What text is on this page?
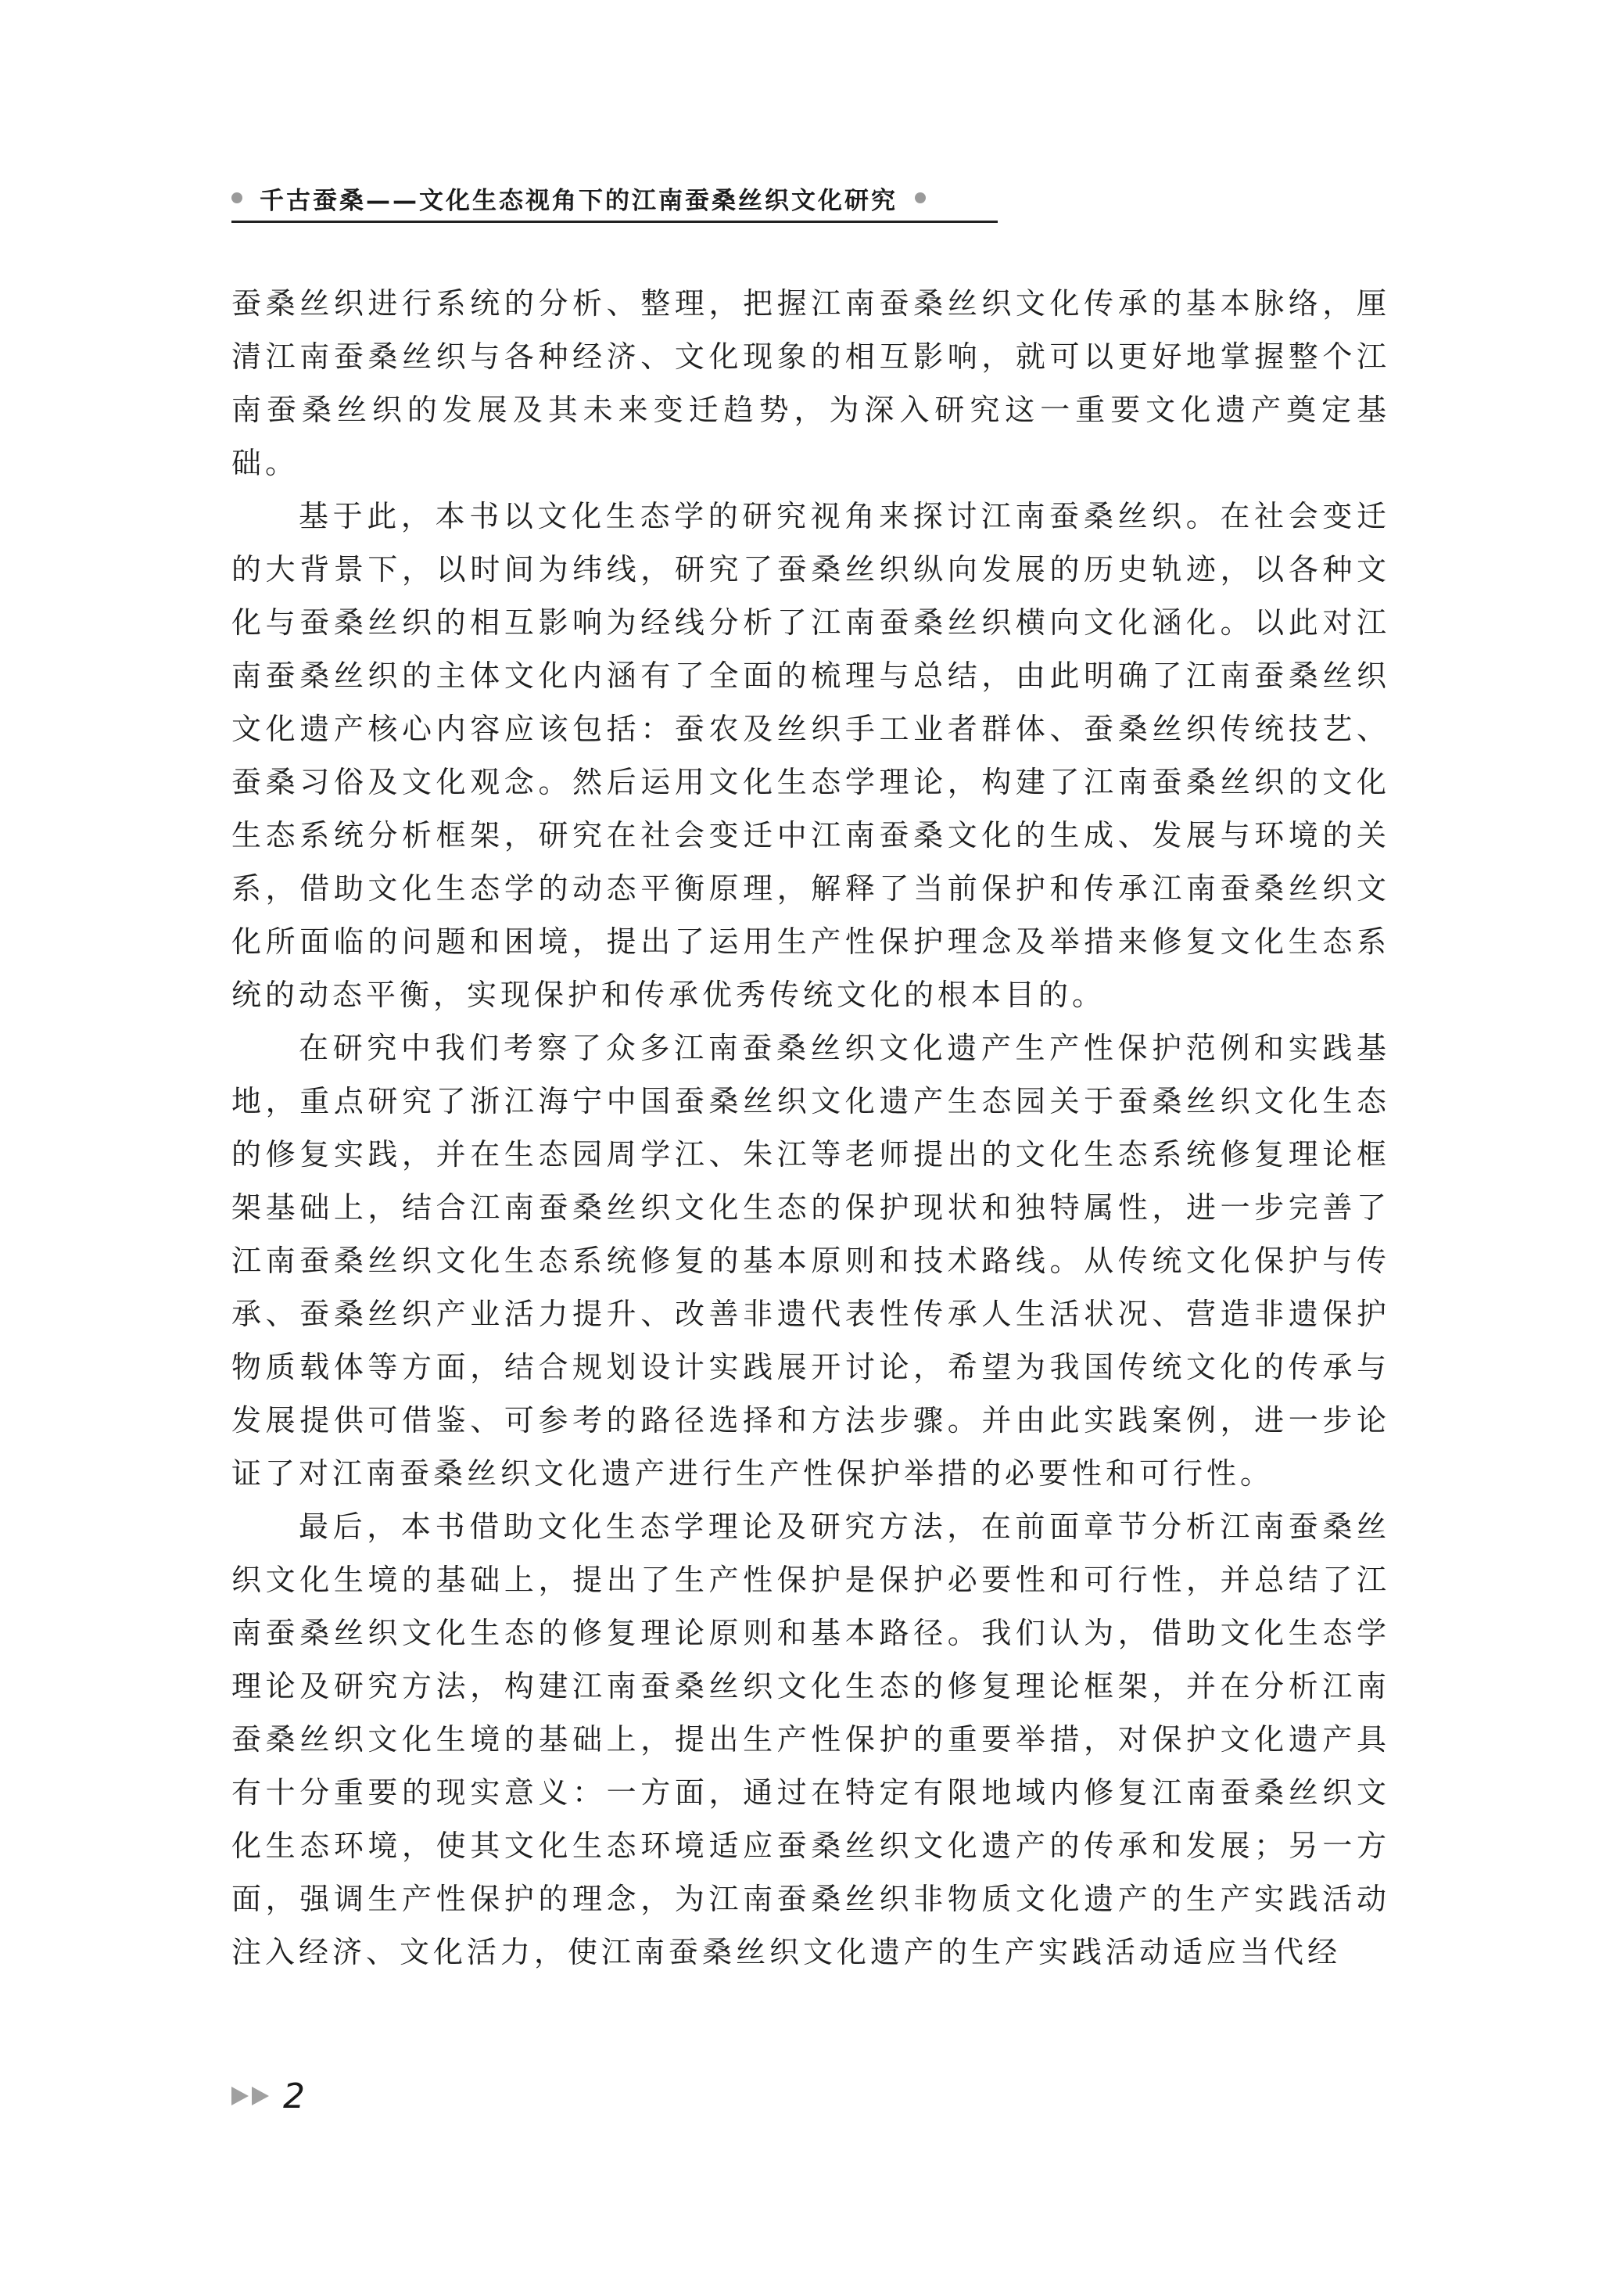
千古蚕桑——文化生态视角下的江南蚕桑丝织文化研究

蚕桑丝织进行系统的分析、整理，把握江南蚕桑丝织文化传承的基本脉络，厘清江南蚕桑丝织与各种经济、文化现象的相互影响，就可以更好地掌握整个江南蚕桑丝织的发展及其未来变迁趋势，为深入研究这一重要文化遗产奠定基础。

基于此，本书以文化生态学的研究视角来探讨江南蚕桑丝织。在社会变迁的大背景下，以时间为纬线，研究了蚕桑丝织纵向发展的历史轨迹，以各种文化与蚕桑丝织的相互影响为经线分析了江南蚕桑丝织横向文化涵化。以此对江南蚕桑丝织的主体文化内涵有了全面的梳理与总结，由此明确了江南蚕桑丝织文化遗产核心内容应该包括：蚕农及丝织手工业者群体、蚕桑丝织传统技艺、蚕桑习俗及文化观念。然后运用文化生态学理论，构建了江南蚕桑丝织的文化生态系统分析框架，研究在社会变迁中江南蚕桑文化的生成、发展与环境的关系，借助文化生态学的动态平衡原理，解释了当前保护和传承江南蚕桑丝织文化所面临的问题和困境，提出了运用生产性保护理念及举措来修复文化生态系统的动态平衡，实现保护和传承优秀传统文化的根本目的。

在研究中我们考察了众多江南蚕桑丝织文化遗产生产性保护范例和实践基地，重点研究了浙江海宁中国蚕桑丝织文化遗产生态园关于蚕桑丝织文化生态的修复实践，并在生态园周学江、朱江等老师提出的文化生态系统修复理论框架基础上，结合江南蚕桑丝织文化生态的保护现状和独特属性，进一步完善了江南蚕桑丝织文化生态系统修复的基本原则和技术路线。从传统文化保护与传承、蚕桑丝织产业活力提升、改善非遗代表性传承人生活状况、营造非遗保护物质载体等方面，结合规划设计实践展开讨论，希望为我国传统文化的传承与发展提供可借鉴、可参考的路径选择和方法步骤。并由此实践案例，进一步论证了对江南蚕桑丝织文化遗产进行生产性保护举措的必要性和可行性。

最后，本书借助文化生态学理论及研究方法，在前面章节分析江南蚕桑丝织文化生境的基础上，提出了生产性保护是保护必要性和可行性，并总结了江南蚕桑丝织文化生态的修复理论原则和基本路径。我们认为，借助文化生态学理论及研究方法，构建江南蚕桑丝织文化生态的修复理论框架，并在分析江南蚕桑丝织文化生境的基础上，提出生产性保护的重要举措，对保护文化遗产具有十分重要的现实意义：一方面，通过在特定有限地域内修复江南蚕桑丝织文化生态环境，使其文化生态环境适应蚕桑丝织文化遗产的传承和发展；另一方面，强调生产性保护的理念，为江南蚕桑丝织非物质文化遗产的生产实践活动注入经济、文化活力，使江南蚕桑丝织文化遗产的生产实践活动适应当代经

2
